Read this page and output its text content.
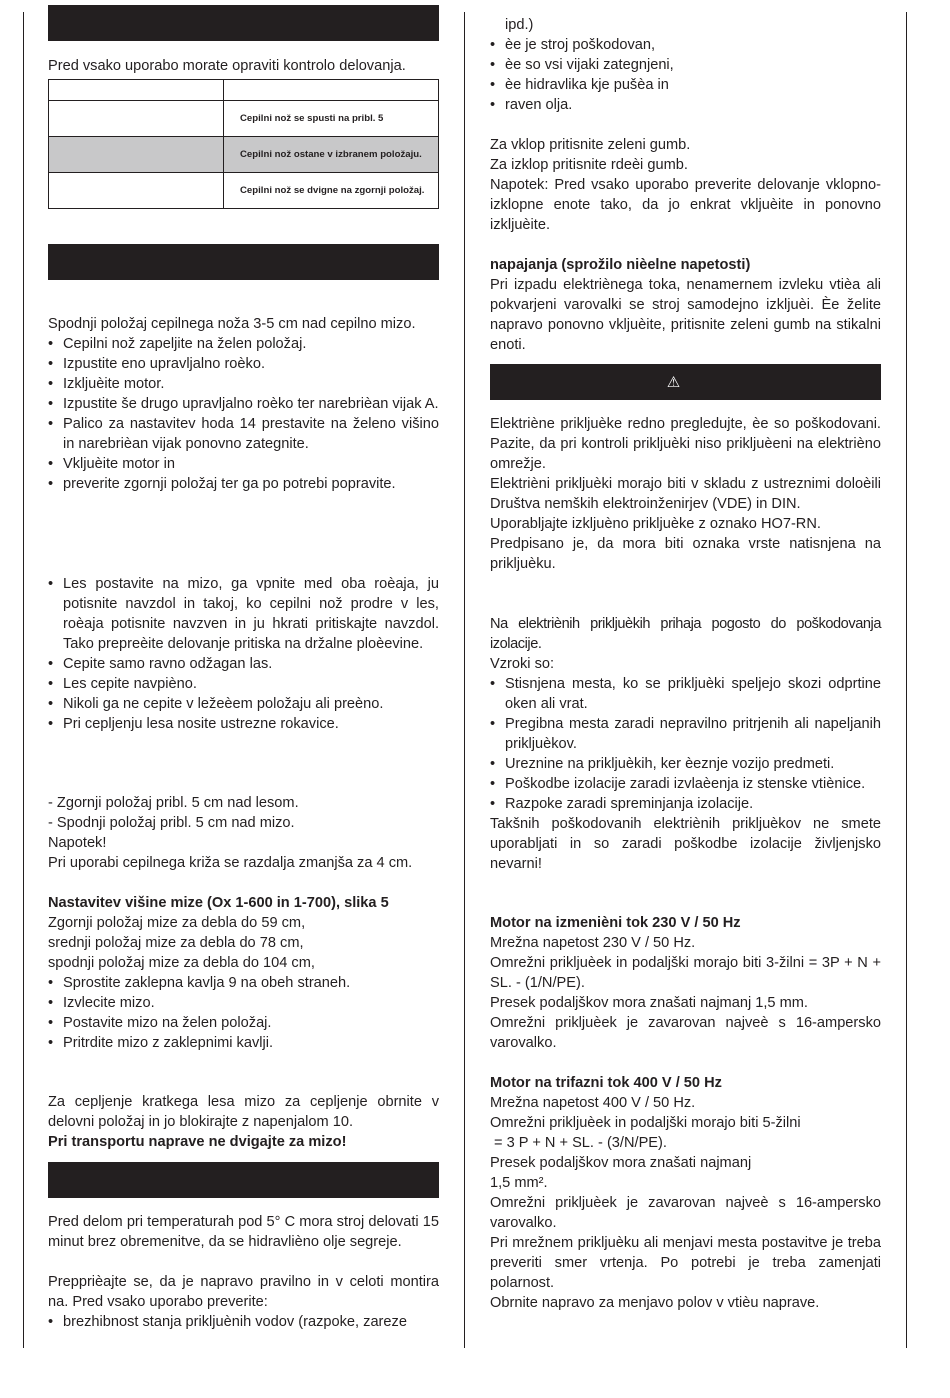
Pred vsako uporabo morate opraviti kontrolo delovanja.

	Cepilni nož se spusti na pribl. 5
	Cepilni nož ostane v izbranem položaju.
	Cepilni nož se dvigne na zgornji položaj.

Spodnji položaj cepilnega noža 3-5 cm nad cepilno mizo.

• Cepilni nož zapeljite na želen položaj.
• Izpustite eno upravljalno roèko.
• Izkljuèite motor.
• Izpustite še drugo upravljalno roèko ter narebrièan vijak A.
• Palico za nastavitev hoda 14 prestavite na želeno višino in narebrièan vijak ponovno zategnite.
• Vkljuèite motor in
• preverite zgornji položaj ter ga po potrebi popravite.
• Les postavite na mizo, ga vpnite med oba roèaja, ju potisnite navzdol in takoj, ko cepilni nož prodre v les, roèaja potisnite navzven in ju hkrati pritiskajte navzdol. Tako prepreèite delovanje pritiska na držalne ploèevine.
• Cepite samo ravno odžagan las.
• Les cepite navpièno.
• Nikoli ga ne cepite v ležeèem položaju ali preèno.
• Pri cepljenju lesa nosite ustrezne rokavice.

- Zgornji položaj pribl. 5 cm nad lesom.

- Spodnji položaj pribl. 5 cm nad mizo.

Napotek!

Pri uporabi cepilnega križa se razdalja zmanjša za 4 cm.

Nastavitev višine mize (Ox 1-600 in 1-700), slika 5

Zgornji položaj mize za debla do 59 cm,

srednji položaj mize za debla do 78 cm,

spodnji položaj mize za debla do 104 cm,

• Sprostite zaklepna kavlja 9 na obeh straneh.
• Izvlecite mizo.
• Postavite mizo na želen položaj.
• Pritrdite mizo z zaklepnimi kavlji.

Za cepljenje kratkega lesa mizo za cepljenje obrnite v delovni položaj in jo blokirajte z napenjalom 10.

Pri transportu naprave ne dvigajte za mizo!

Pred delom pri temperaturah pod 5° C mora stroj delovati 15 minut brez obremenitve, da se hidravlièno olje segreje.

Prepprièajte se, da je napravo pravilno in v celoti montira na. Pred vsako uporabo preverite:

• brezhibnost stanja prikljuènih vodov (razpoke, zareze

ipd.)

• èe je stroj poškodovan,
• èe so vsi vijaki zategnjeni,
• èe hidravlika kje pušèa in
• raven olja.

Za vklop pritisnite zeleni gumb.

Za izklop pritisnite rdeèi gumb.

Napotek: Pred vsako uporabo preverite delovanje vklopno-izklopne enote tako, da jo enkrat vkljuèite in ponovno izkljuèite.

napajanja (sprožilo nièelne napetosti)

Pri izpadu elektriènega toka, nenamernem izvleku vtièa ali pokvarjeni varovalki se stroj samodejno izkljuèi. Èe želite napravo ponovno vkljuèite, pritisnite zeleni gumb na stikalni enoti.

⚠

Elektriène prikljuèke redno pregledujte, èe so poškodovani. Pazite, da pri kontroli prikljuèki niso prikljuèeni na elektrièno omrežje.

Elektrièni prikljuèki morajo biti v skladu z ustreznimi doloèili Društva nemških elektroinženirjev (VDE) in DIN.

Uporabljajte izkljuèno prikljuèke z oznako HO7-RN.

Predpisano je, da mora biti oznaka vrste natisnjena na prikljuèku.

Na elektriènih prikljuèkih prihaja pogosto do poškodovanja izolacije.

Vzroki so:

• Stisnjena mesta, ko se prikljuèki speljejo skozi odprtine oken ali vrat.
• Pregibna mesta zaradi nepravilno pritrjenih ali napeljanih prikljuèkov.
• Ureznine na prikljuèkih, ker èeznje vozijo predmeti.
• Poškodbe izolacije zaradi izvlaèenja iz stenske vtiènice.
• Razpoke zaradi spreminjanja izolacije.

Takšnih poškodovanih elektriènih prikljuèkov ne smete uporabljati in so zaradi poškodbe izolacije življenjsko nevarni!

Motor na izmenièni tok 230 V / 50 Hz

Mrežna napetost 230 V / 50 Hz.

Omrežni prikljuèek in podaljški morajo biti 3-žilni = 3P + N + SL. - (1/N/PE).

Presek podaljškov mora znašati najmanj 1,5 mm.

Omrežni prikljuèek je zavarovan najveè s 16-ampersko varovalko.

Motor na trifazni tok 400 V / 50 Hz

Mrežna napetost 400 V / 50 Hz.

Omrežni prikljuèek in podaljški morajo biti 5-žilni

= 3 P + N + SL. - (3/N/PE).

Presek podaljškov mora znašati najmanj

1,5 mm².

Omrežni prikljuèek je zavarovan najveè s 16-ampersko varovalko.

Pri mrežnem prikljuèku ali menjavi mesta postavitve je treba preveriti smer vrtenja. Po potrebi je treba zamenjati polarnost.

Obrnite napravo za menjavo polov v vtièu naprave.
